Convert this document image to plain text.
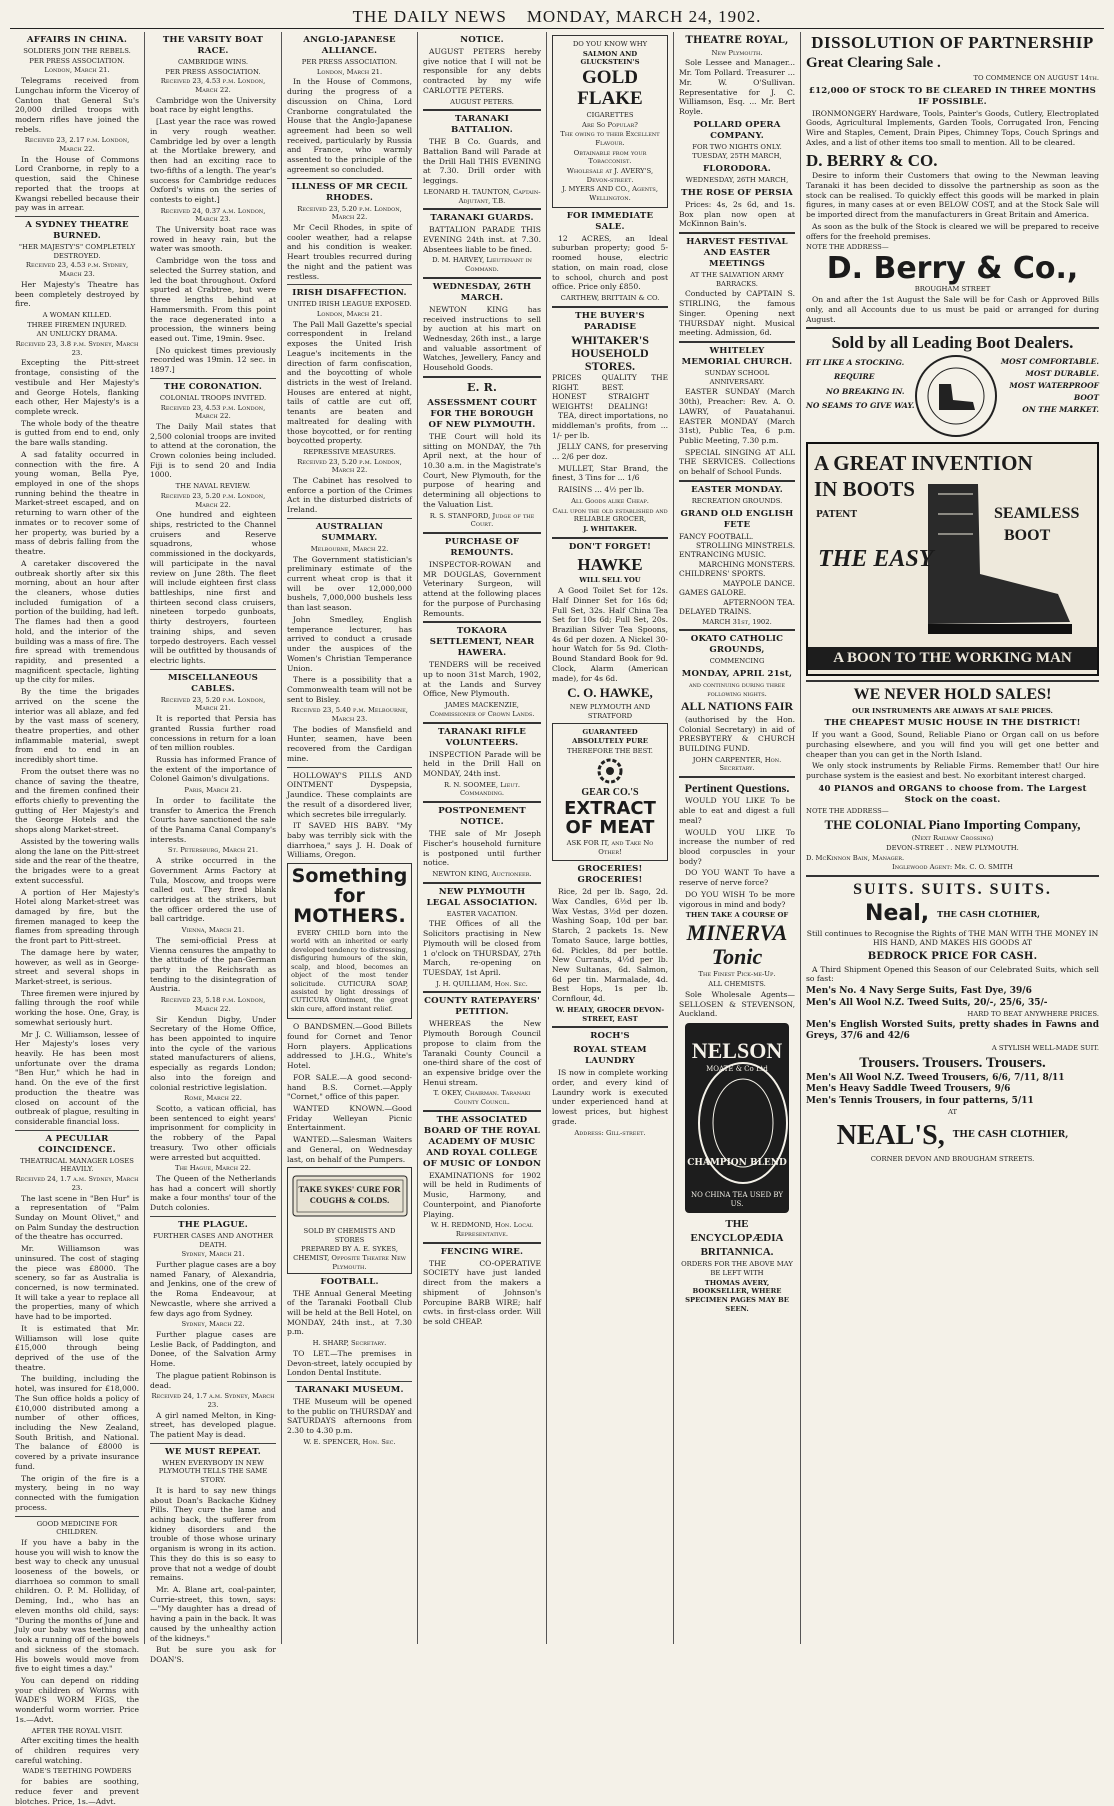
THE DAILY NEWS MONDAY, MARCH 24, 1902.
AFFAIRS IN CHINA.
SOLDIERS JOIN THE REBELS.
PER PRESS ASSOCIATION.
London, March 21.

Telegrams received from Lungchau inform the Viceroy of Canton that General Su's 20,000 drilled troops with modern rifles have joined the rebels.

Received 23, 2.17 p.m. London, March 22.

In the House of Commons Lord Cranborne, in reply to a question, said the Chinese reported that the troops at Kwangsi rebelled because their pay was in arrear.

A SYDNEY THEATRE BURNED.
"HER MAJESTY'S" COMPLETELY DESTROYED.
Received 23, 4.53 p.m. Sydney, March 23.

Her Majesty's Theatre has been completely destroyed by fire.

A WOMAN KILLED.
THREE FIREMEN INJURED.
AN UNLUCKY DRAMA.
Received 23, 3.8 p.m. Sydney, March 23.

Excepting the Pitt-street frontage, consisting of the vestibule and Her Majesty's and George Hotels, flanking each other, Her Majesty's is a complete wreck.

The whole body of the theatre is gutted from end to end, only the bare walls standing.

A sad fatality occurred in connection with the fire. A young woman, Bella Pye, employed in one of the shops running behind the theatre in Market-street escaped, and on returning to warn other of the inmates or to recover some of her property, was buried by a mass of debris falling from the theatre.

A caretaker discovered the outbreak shortly after six this morning, about an hour after the cleaners, whose duties included fumigation of a portion of the building, had left. The flames had then a good hold, and the interior of the building was a mass of fire. The fire spread with tremendous rapidity, and presented a magnificent spectacle, lighting up the city for miles.

By the time the brigades arrived on the scene the interior was all ablaze, and fed by the vast mass of scenery, theatre properties, and other inflammable material, swept from end to end in an incredibly short time.

From the outset there was no chance of saving the theatre, and the firemen confined their efforts chiefly to preventing the gutting of Her Majesty's and the George Hotels and the shops along Market-street.

Assisted by the towering walls along the lane on the Pitt-street side and the rear of the theatre, the brigades were to a great extent successful.

A portion of Her Majesty's Hotel along Market-street was damaged by fire, but the firemen managed to keep the flames from spreading through the front part to Pitt-street.

The damage here by water, however, as well as in George-street and several shops in Market-street, is serious.

Three firemen were injured by falling through the roof while working the hose. One, Gray, is somewhat seriously hurt.

Mr J. C. Williamson, lessee of Her Majesty's loses very heavily. He has been most unfortunate over the drama "Ben Hur," which he had in hand. On the eve of the first production the theatre was closed on account of the outbreak of plague, resulting in considerable financial loss.

A PECULIAR COINCIDENCE.
THEATRICAL MANAGER LOSES HEAVILY.
Received 24, 1.7 a.m. Sydney, March 23.

The last scene in "Ben Hur" is a representation of "Palm Sunday on Mount Olivet," and on Palm Sunday the destruction of the theatre has occurred.

Mr. Williamson was uninsured. The cost of staging the piece was £8000. The scenery, so far as Australia is concerned, is now terminated. It will take a year to replace all the properties, many of which have had to be imported.

It is estimated that Mr. Williamson will lose quite £15,000 through being deprived of the use of the theatre.

The building, including the hotel, was insured for £18,000. The Sun office holds a policy of £10,000 distributed among a number of other offices, including the New Zealand, South British, and National. The balance of £8000 is covered by a private insurance fund.

The origin of the fire is a mystery, being in no way connected with the fumigation process.

GOOD MEDICINE FOR CHILDREN.

If you have a baby in the house you will wish to know the best way to check any unusual looseness of the bowels, or diarrhoea so common to small children. O. P. M. Holliday, of Deming, Ind., who has an eleven months old child, says: "During the months of June and July our baby was teething and took a running off of the bowels and sickness of the stomach. His bowels would move from five to eight times a day."

You can depend on ridding your children of Worms with WADE'S WORM FIGS, the wonderful worm worrier. Price 1s.—Advt.

AFTER THE ROYAL VISIT.

After exciting times the health of children requires very careful watching.

WADE'S TEETHING POWDERS

for babies are soothing, reduce fever and prevent blotches. Price, 1s.—Advt.

THE VARSITY BOAT RACE.
CAMBRIDGE WINS.
PER PRESS ASSOCIATION.
Received 23, 4.53 p.m. London, March 22.

Cambridge won the University boat race by eight lengths.

[Last year the race was rowed in very rough weather. Cambridge led by over a length at the Mortlake brewery, and then had an exciting race to two-fifths of a length. The year's success for Cambridge reduces Oxford's wins on the series of contests to eight.]

Received 24, 0.37 a.m. London, March 23.

The University boat race was rowed in heavy rain, but the water was smooth.

Cambridge won the toss and selected the Surrey station, and led the boat throughout. Oxford spurted at Crabtree, but were three lengths behind at Hammersmith. From this point the race degenerated into a procession, the winners being eased out. Time, 19min. 9sec.

[No quickest times previously recorded was 19min. 12 sec. in 1897.]

THE CORONATION.
COLONIAL TROOPS INVITED.
Received 23, 4.53 p.m. London, March 22.

The Daily Mail states that 2,500 colonial troops are invited to attend at the coronation, the Crown colonies being included. Fiji is to send 20 and India 1000.

THE NAVAL REVIEW.
Received 23, 5.20 p.m. London, March 22.

One hundred and eighteen ships, restricted to the Channel cruisers and Reserve squadrons, whose commissioned in the dockyards, will participate in the naval review on June 28th. The fleet will include eighteen first class battleships, nine first and thirteen second class cruisers, nineteen torpedo gunboats, thirty destroyers, fourteen training ships, and seven torpedo destroyers. Each vessel will be outfitted by thousands of electric lights.

MISCELLANEOUS CABLES.
Received 23, 5.20 p.m. London, March 21.

It is reported that Persia has granted Russia further road concessions in return for a loan of ten million roubles.

Russia has informed France of the extent of the importance of Colonel Gaimon's divulgations.

Paris, March 21.

In order to facilitate the transfer to America the French Courts have sanctioned the sale of the Panama Canal Company's interests.

St. Petersburg, March 21.

A strike occurred in the Government Arms Factory at Tula, Moscow, and troops were called out. They fired blank cartridges at the strikers, but the officer ordered the use of ball cartridge.

Vienna, March 21.

The semi-official Press at Vienna censures the ampathy to the attitude of the pan-German party in the Reichsrath as tending to the disintegration of Austria.

Received 23, 5.18 p.m. London, March 22.

Sir Kendun Digby, Under Secretary of the Home Office, has been appointed to inquire into the cycle of the various stated manufacturers of aliens, especially as regards London; also into the foreign and colonial restrictive legislation.

Rome, March 22.

Scotto, a vatican official, has been sentenced to eight years' imprisonment for complicity in the robbery of the Papal treasury. Two other officials were arrested but acquitted.

The Hague, March 22.

The Queen of the Netherlands has had a concert will shortly make a four months' tour of the Dutch colonies.

THE PLAGUE.
FURTHER CASES AND ANOTHER DEATH.
Sydney, March 21.

Further plague cases are a boy named Fanary, of Alexandria, and Jenkins, one of the crew of the Roma Endeavour, at Newcastle, where she arrived a few days ago from Sydney.

Sydney, March 22.

Further plague cases are Leslie Back, of Paddington, and Donee, of the Salvation Army Home.

The plague patient Robinson is dead.

Received 24, 1.7 a.m. Sydney, March 23.

A girl named Melton, in King-street, has developed plague. The patient May is dead.

WE MUST REPEAT.
WHEN EVERYBODY IN NEW PLYMOUTH TELLS THE SAME STORY.

It is hard to say new things about Doan's Backache Kidney Pills. They cure the lame and aching back, the sufferer from kidney disorders and the trouble of those whose urinary organism is wrong in its action. This they do this is so easy to prove that not a wedge of doubt remains.

Mr. A. Blane art, coal-painter, Currie-street, this town, says:—"My daughter has a dread of having a pain in the back. It was caused by the unhealthy action of the kidneys."

But be sure you ask for DOAN'S.

ANGLO-JAPANESE ALLIANCE.
PER PRESS ASSOCIATION.
London, March 21.

In the House of Commons, during the progress of a discussion on China, Lord Cranborne congratulated the House that the Anglo-Japanese agreement had been so well received, particularly by Russia and France, who warmly assented to the principle of the agreement so concluded.

ILLNESS OF MR CECIL RHODES.
Received 23, 5.20 p.m. London, March 22.

Mr Cecil Rhodes, in spite of cooler weather, had a relapse and his condition is weaker. Heart troubles recurred during the night and the patient was restless.

IRISH DISAFFECTION.
UNITED IRISH LEAGUE EXPOSED.
London, March 21.

The Pall Mall Gazette's special correspondent in Ireland exposes the United Irish League's incitements in the direction of farm confiscation, and the boycotting of whole districts in the west of Ireland. Houses are entered at night, tails of cattle are cut off, tenants are beaten and maltreated for dealing with those boycotted, or for renting boycotted property.

REPRESSIVE MEASURES.
Received 23, 5.20 p.m. London, March 22.

The Cabinet has resolved to enforce a portion of the Crimes Act in the disturbed districts of Ireland.

AUSTRALIAN SUMMARY.
Melbourne, March 22.

The Government statistician's preliminary estimate of the current wheat crop is that it will be over 12,000,000 bushels, 7,000,000 bushels less than last season.

John Smedley, English temperance lecturer, has arrived to conduct a crusade under the auspices of the Women's Christian Temperance Union.

There is a possibility that a Commonwealth team will not be sent to Bisley.

Received 23, 5.40 p.m. Melbourne, March 23.

The bodies of Mansfield and Hunter, seamen, have been recovered from the Cardigan mine.

HOLLOWAY'S PILLS AND OINTMENT Dyspepsia, Jaundice. These complaints are the result of a disordered liver, which secretes bile irregularly.

IT SAVED HIS BABY. "My baby was terribly sick with the diarrhoea," says J. H. Doak of Williams, Oregon.

Something for MOTHERS.

EVERY CHILD born into the world with an inherited or early developed tendency to distressing, disfiguring humours of the skin, scalp, and blood, becomes an object of the most tender solicitude. CUTICURA SOAP, assisted by light dressings of CUTICURA Ointment, the great skin cure, afford instant relief.

O BANDSMEN.—Good Billets found for Cornet and Tenor Horn players. Applications addressed to J.H.G., White's Hotel.

FOR SALE.—A good second-hand B.S. Cornet.—Apply "Cornet," office of this paper.

WANTED KNOWN.—Good Friday Welleyan Picnic Entertainment.

WANTED.—Salesman Waiters and General, on Wednesday last, on behalf of the Pumpers.

TAKE SYKES' CURE FOR COUGHS & COLDS.
SOLD BY CHEMISTS AND STORES
PREPARED BY A. E. SYKES, CHEMIST, Opposite Theatre New Plymouth.
FOOTBALL.

THE Annual General Meeting of the Taranaki Football Club will be held at the Bell Hotel, on MONDAY, 24th inst., at 7.30 p.m.

H. SHARP, Secretary.

TO LET.—The premises in Devon-street, lately occupied by London Dental Institute.

TARANAKI MUSEUM.

THE Museum will be opened to the public on THURSDAY and SATURDAYS afternoons from 2.30 to 4.30 p.m.

W. E. SPENCER, Hon. Sec.
NOTICE.

AUGUST PETERS hereby give notice that I will not be responsible for any debts contracted by my wife CARLOTTE PETERS.

AUGUST PETERS.
TARANAKI BATTALION.

THE B Co. Guards, and Battalion Band will Parade at the Drill Hall THIS EVENING at 7.30. Drill order with leggings.

LEONARD H. TAUNTON, Captain-Adjutant, T.B.
TARANAKI GUARDS.

BATTALION PARADE THIS EVENING 24th inst. at 7.30. Absentees liable to be fined.

D. M. HARVEY, Lieutenant in Command.
WEDNESDAY, 26TH MARCH.

NEWTON KING has received instructions to sell by auction at his mart on Wednesday, 26th inst., a large and valuable assortment of Watches, Jewellery, Fancy and Household Goods.

E. R.
ASSESSMENT COURT FOR THE BOROUGH OF NEW PLYMOUTH.

THE Court will hold its sitting on MONDAY, the 7th April next, at the hour of 10.30 a.m. in the Magistrate's Court, New Plymouth, for the purpose of hearing and determining all objections to the Valuation List.

R. S. STANFORD, Judge of the Court.
PURCHASE OF REMOUNTS.

INSPECTOR-ROWAN and MR DOUGLAS, Government Veterinary Surgeon, will attend at the following places for the purpose of Purchasing Remounts.

TOKAORA SETTLEMENT, NEAR HAWERA.

TENDERS will be received up to noon 31st March, 1902, at the Lands and Survey Office, New Plymouth.

JAMES MACKENZIE, Commissioner of Crown Lands.
TARANAKI RIFLE VOLUNTEERS.

INSPECTION Parade will be held in the Drill Hall on MONDAY, 24th inst.

R. N. SOOMEE, Lieut. Commanding.
POSTPONEMENT NOTICE.

THE sale of Mr Joseph Fischer's household furniture is postponed until further notice.

NEWTON KING, Auctioneer.
NEW PLYMOUTH LEGAL ASSOCIATION.
EASTER VACATION.

THE Offices of all the Solicitors practising in New Plymouth will be closed from 1 o'clock on THURSDAY, 27th March, re-opening on TUESDAY, 1st April.

J. H. QUILLIAM, Hon. Sec.
COUNTY RATEPAYERS' PETITION.

WHEREAS the New Plymouth Borough Council propose to claim from the Taranaki County Council a one-third share of the cost of an expensive bridge over the Henui stream.

T. OKEY, Chairman. Taranaki County Council.
THE ASSOCIATED BOARD OF THE ROYAL ACADEMY OF MUSIC AND ROYAL COLLEGE OF MUSIC OF LONDON

EXAMINATIONS for 1902 will be held in Rudiments of Music, Harmony, and Counterpoint, and Pianoforte Playing.

W. H. REDMOND, Hon. Local Representative.
FENCING WIRE.

THE CO-OPERATIVE SOCIETY have just landed direct from the makers a shipment of Johnson's Porcupine BARB WIRE; half cwts. in first-class order. Will be sold CHEAP.

DO YOU KNOW WHY
SALMON AND GLUCKSTEIN'S
GOLD FLAKE
CIGARETTES
Are So Popular?
The owing to their Excellent Flavour.
Obtainable from your Tobacconist.
Wholesale at J. AVERY'S, Devon-street.
J. MYERS AND CO., Agents, Wellington.
FOR IMMEDIATE SALE.

12 ACRES, an Ideal suburban property; good 5-roomed house, electric station, on main road, close to school, church and post office. Price only £850.

CARTHEW, BRITTAIN & CO.
THE BUYER'S PARADISE
WHITAKER'S HOUSEHOLD STORES.
PRICES RIGHT.
QUALITY THE BEST.
HONEST WEIGHTS!
STRAIGHT DEALING!

TEA, direct importations, no middleman's profits, from ... 1/- per lb.

JELLY CANS, for preserving ... 2/6 per doz.

MULLET, Star Brand, the finest, 3 Tins for ... 1/6

RAISINS ... 4½ per lb.

All Goods alike Cheap.
Call upon the old established and RELIABLE GROCER,
J. WHITAKER.
DON'T FORGET!
HAWKE
WILL SELL YOU

A Good Toilet Set for 12s. Half Dinner Set for 16s 6d; Full Set, 32s. Half China Tea Set for 10s 6d; Full Set, 20s. Brazilian Silver Tea Spoons, 4s 6d per dozen. A Nickel 30-hour Watch for 5s 9d. Cloth-Bound Standard Book for 9d. Clock, Alarm (American made), for 4s 6d.

C. O. HAWKE,
NEW PLYMOUTH AND STRATFORD
GUARANTEED ABSOLUTELY PURE
THEREFORE THE BEST.
GEAR CO.'S
EXTRACT OF MEAT
ASK FOR IT, and Take No Other!
GROCERIES! GROCERIES!

Rice, 2d per lb. Sago, 2d. Wax Candles, 6½d per lb. Wax Vestas, 3½d per dozen. Washing Soap, 10d per bar. Starch, 2 packets 1s. New Tomato Sauce, large bottles, 6d. Pickles, 8d per bottle. New Currants, 4½d per lb. New Sultanas, 6d. Salmon, 6d per tin. Marmalade, 4d. Best Hops, 1s per lb. Cornflour, 4d.

W. HEALY, GROCER DEVON-STREET, EAST
ROCH'S
ROYAL STEAM LAUNDRY

IS now in complete working order, and every kind of Laundry work is executed under experienced hand at lowest prices, but highest grade.

Address: Gill-street.
THEATRE ROYAL,
New Plymouth.

Sole Lessee and Manager... Mr. Tom Pollard. Treasurer ... Mr. W. O'Sullivan. Representative for J. C. Williamson, Esq. ... Mr. Bert Royle.

POLLARD OPERA COMPANY.
FOR TWO NIGHTS ONLY.
TUESDAY, 25TH MARCH,
FLORODORA.
WEDNESDAY, 26TH MARCH,
THE ROSE OF PERSIA

Prices: 4s, 2s 6d, and 1s. Box plan now open at McKinnon Bain's.

HARVEST FESTIVAL AND EASTER MEETINGS
AT THE SALVATION ARMY BARRACKS.

Conducted by CAPTAIN S. STIRLING, the famous Singer. Opening next THURSDAY night. Musical meeting. Admission, 6d.

WHITELEY MEMORIAL CHURCH.
SUNDAY SCHOOL ANNIVERSARY.

EASTER SUNDAY (March 30th), Preacher: Rev. A. O. LAWRY, of Pauatahanui. EASTER MONDAY (March 31st), Public Tea, 6 p.m. Public Meeting, 7.30 p.m.

SPECIAL SINGING AT ALL THE SERVICES. Collections on behalf of School Funds.

EASTER MONDAY.
RECREATION GROUNDS.
GRAND OLD ENGLISH FETE
FANCY FOOTBALL.
STROLLING MINSTRELS.
ENTRANCING MUSIC.
MARCHING MONSTERS.
CHILDRENS' SPORTS.
MAYPOLE DANCE.
GAMES GALORE.
AFTERNOON TEA.
DELAYED TRAINS.
MARCH 31st, 1902.
OKATO CATHOLIC GROUNDS,
COMMENCING
MONDAY, APRIL 21st,
and continuing during three following nights.
ALL NATIONS FAIR

(authorised by the Hon. Colonial Secretary) in aid of PRESBYTERY & CHURCH BUILDING FUND.

JOHN CARPENTER, Hon. Secretary.
Pertinent Questions.

WOULD YOU LIKE To be able to eat and digest a full meal?

WOULD YOU LIKE To increase the number of red blood corpuscles in your body?

DO YOU WANT To have a reserve of nerve force?

DO YOU WISH To be more vigorous in mind and body?

THEN TAKE A COURSE OF
MINERVA Tonic
The Finest Pick-me-Up.
ALL CHEMISTS.

Sole Wholesale Agents— SELLOSEN & STEVENSON, Auckland.

NELSON
MOATE & Co Ltd
CHAMPION BLEND
NO CHINA TEA USED BY US.
THE ENCYCLOPÆDIA BRITANNICA.
ORDERS FOR THE ABOVE MAY BE LEFT WITH
THOMAS AVERY, BOOKSELLER, WHERE SPECIMEN PAGES MAY BE SEEN.
DISSOLUTION OF PARTNERSHIP
Great Clearing Sale .
TO COMMENCE ON AUGUST 14th.
£12,000 OF STOCK TO BE CLEARED IN THREE MONTHS IF POSSIBLE.

IRONMONGERY Hardware, Tools, Painter's Goods, Cutlery, Electroplated Goods, Agricultural Implements, Garden Tools, Corrugated Iron, Fencing Wire and Staples, Cement, Drain Pipes, Chimney Tops, Couch Springs and Axles, and a list of other items too small to mention. All to be cleared.

D. BERRY & CO.

Desire to inform their Customers that owing to the Newman leaving Taranaki it has been decided to dissolve the partnership as soon as the stock can be realised. To quickly effect this goods will be marked in plain figures, in many cases at or even BELOW COST, and at the Stock Sale will be imported direct from the manufacturers in Great Britain and America.

As soon as the bulk of the Stock is cleared we will be prepared to receive offers for the freehold premises.

NOTE THE ADDRESS—
D. Berry & Co.,
BROUGHAM STREET

On and after the 1st August the Sale will be for Cash or Approved Bills only, and all Accounts due to us must be paid or arranged for during August.

Sold by all Leading Boot Dealers.
FIT LIKE A STOCKING.
REQUIRE
NO BREAKING IN.
NO SEAMS TO GIVE WAY.
MOST COMFORTABLE.
MOST DURABLE.
MOST WATERPROOF
BOOT
ON THE MARKET.
A GREAT INVENTION
IN BOOTS
PATENT
THE EASY
SEAMLESS
BOOT
A BOON TO THE WORKING MAN
WE NEVER HOLD SALES!
OUR INSTRUMENTS ARE ALWAYS AT SALE PRICES.
THE CHEAPEST MUSIC HOUSE IN THE DISTRICT!

If you want a Good, Sound, Reliable Piano or Organ call on us before purchasing elsewhere, and you will find you will get one better and cheaper than you can get in the North Island.

We only stock instruments by Reliable Firms. Remember that! Our hire purchase system is the easiest and best. No exorbitant interest charged.

40 PIANOS and ORGANS to choose from. The Largest Stock on the coast.
NOTE THE ADDRESS—
THE COLONIAL Piano Importing Company,
(Next Railway Crossing)
DEVON-STREET . . NEW PLYMOUTH.
D. McKinnon Bain, Manager.
Inglewood Agent: Mr. C. O. SMITH
SUITS. SUITS. SUITS.
Neal, THE CASH CLOTHIER,

Still continues to Recognise the Rights of THE MAN WITH THE MONEY IN HIS HAND, AND MAKES HIS GOODS AT

BEDROCK PRICE FOR CASH.

A Third Shipment Opened this Season of our Celebrated Suits, which sell so fast:

Men's No. 4 Navy Serge Suits, Fast Dye, 39/6
Men's All Wool N.Z. Tweed Suits, 20/-, 25/6, 35/-
HARD TO BEAT ANYWHERE PRICES.
Men's English Worsted Suits, pretty shades in Fawns and Greys, 37/6 and 42/6
A STYLISH WELL-MADE SUIT.
Trousers. Trousers. Trousers.
Men's All Wool N.Z. Tweed Trousers, 6/6, 7/11, 8/11
Men's Heavy Saddle Tweed Trousers, 9/6
Men's Tennis Trousers, in four patterns, 5/11
AT
NEAL'S, THE CASH CLOTHIER,
CORNER DEVON AND BROUGHAM STREETS.
